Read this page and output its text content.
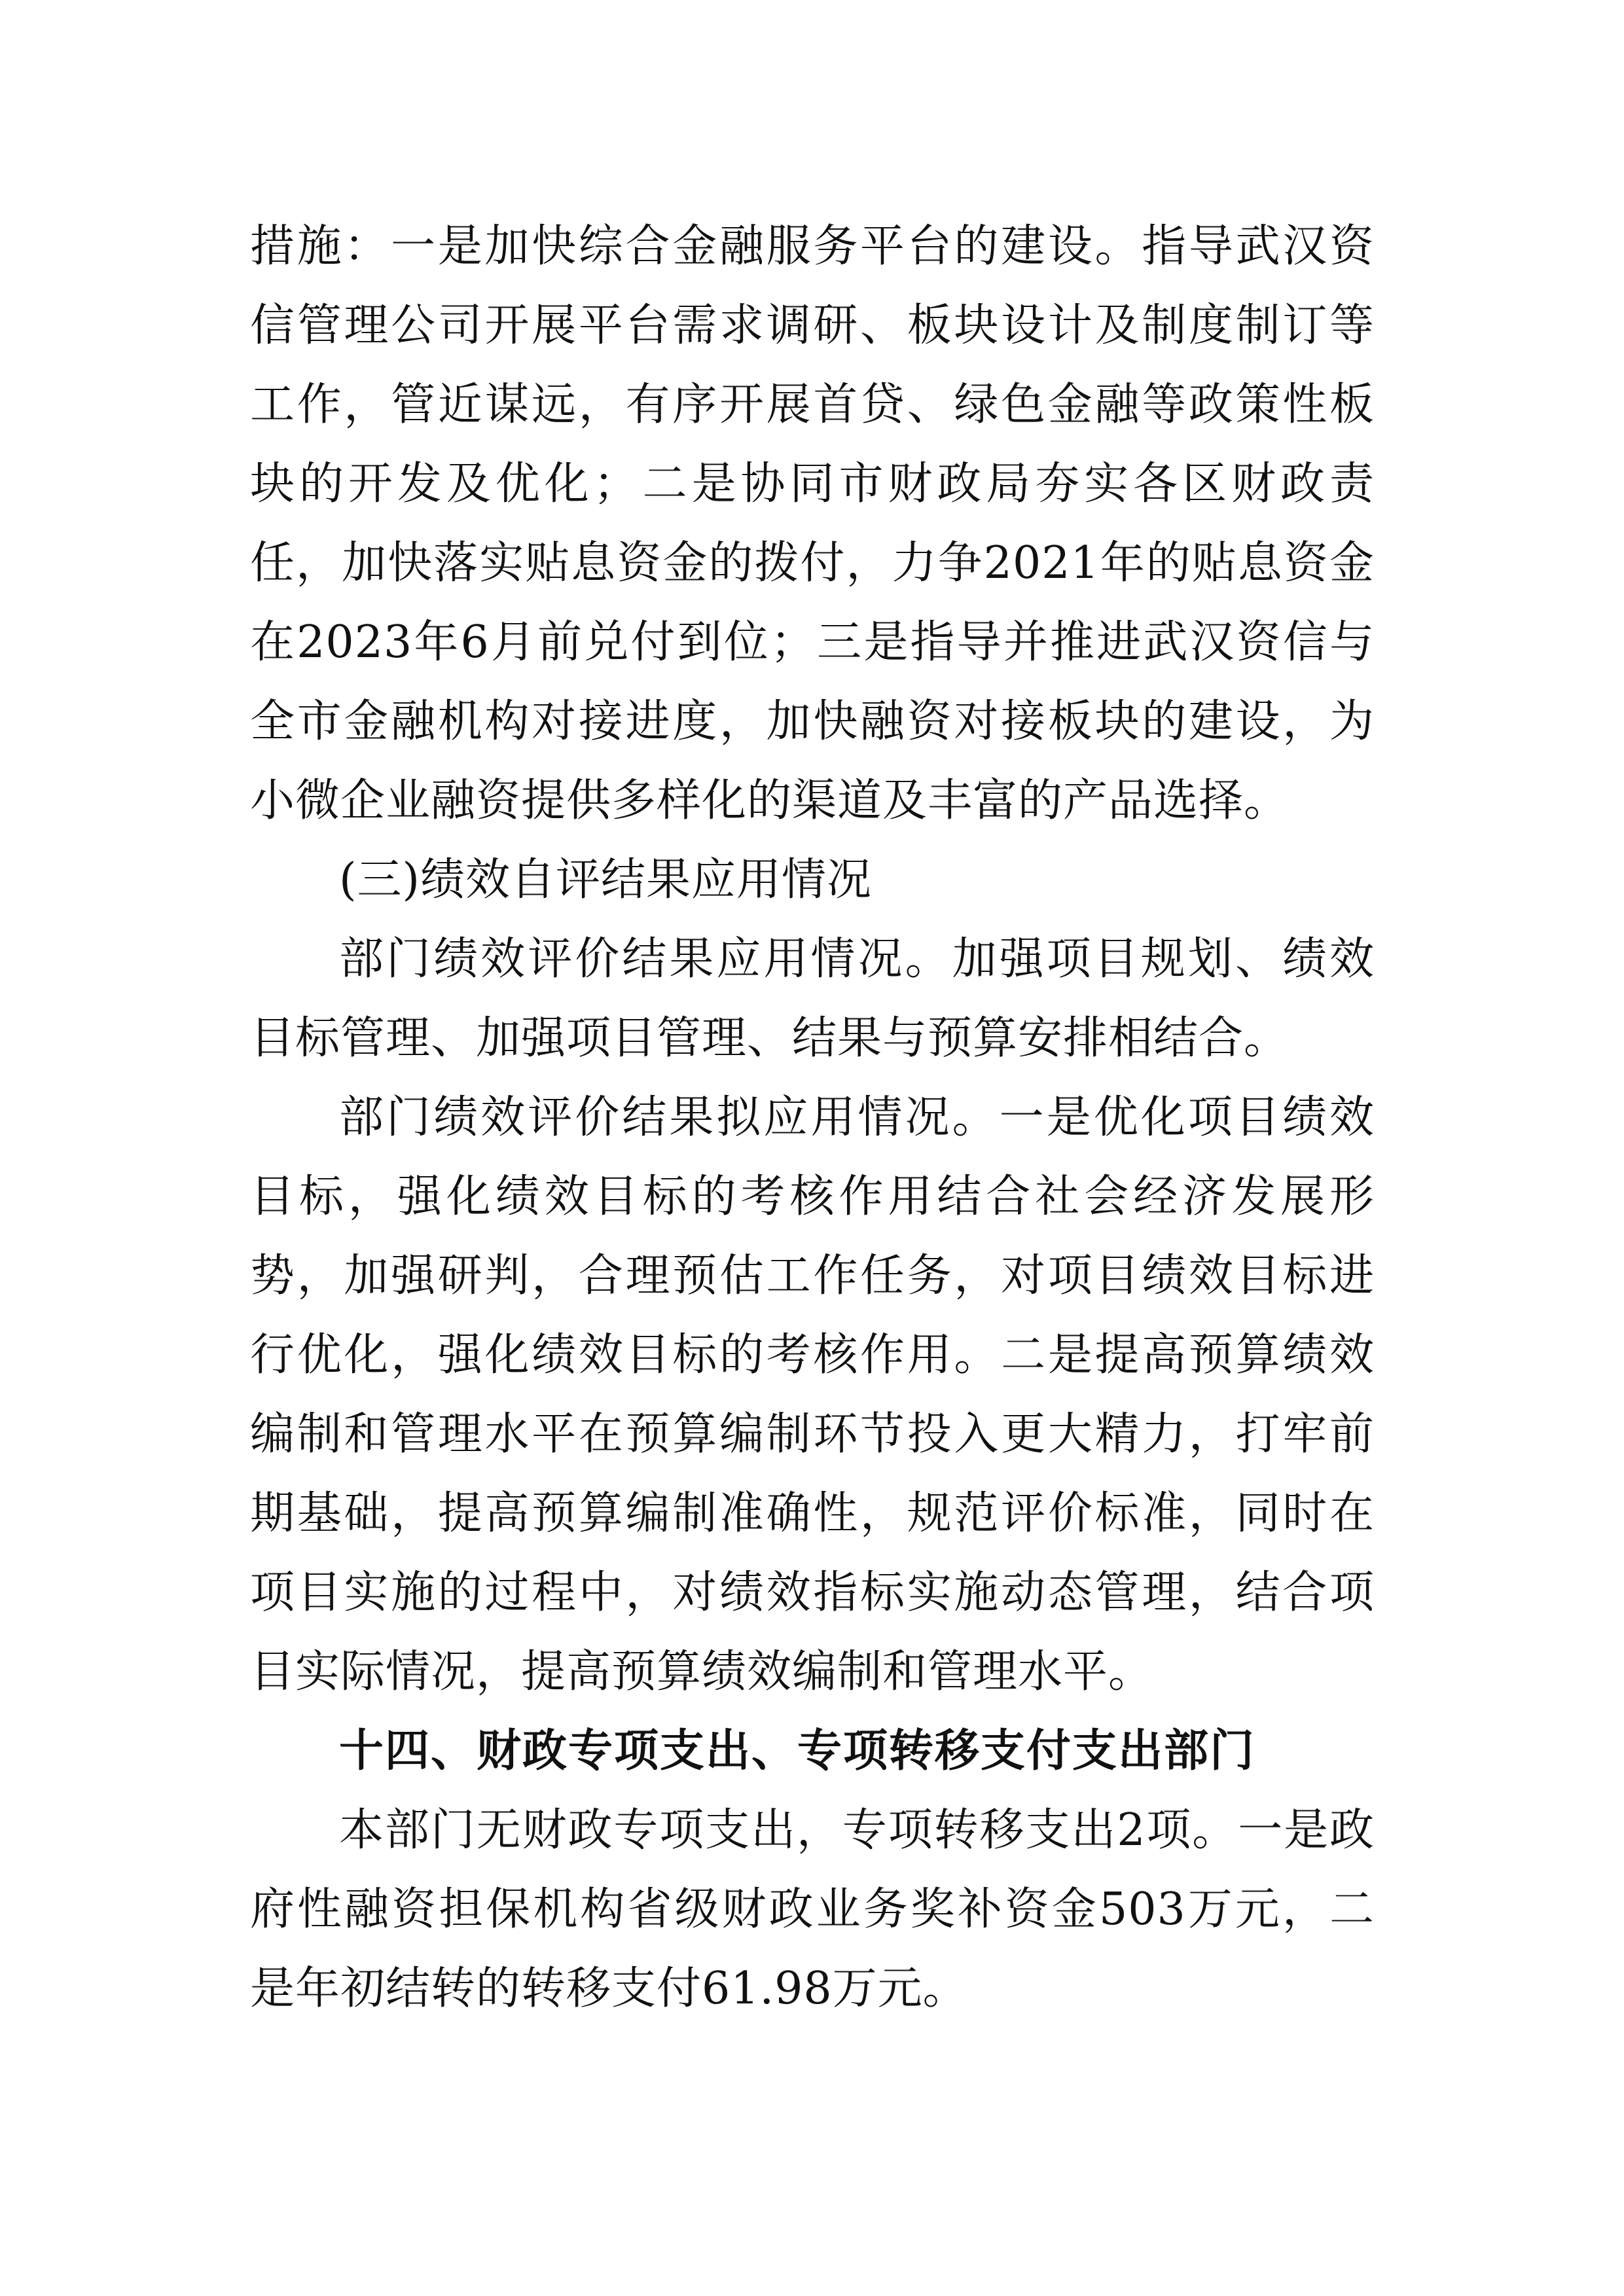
措施：一是加快综合金融服务平台的建设。指导武汉资信管理公司开展平台需求调研、板块设计及制度制订等工作，管近谋远，有序开展首贷、绿色金融等政策性板块的开发及优化；二是协同市财政局夯实各区财政责任，加快落实贴息资金的拨付，力争2021年的贴息资金在2023年6月前兑付到位；三是指导并推进武汉资信与全市金融机构对接进度，加快融资对接板块的建设，为小微企业融资提供多样化的渠道及丰富的产品选择。

(三)绩效自评结果应用情况

部门绩效评价结果应用情况。加强项目规划、绩效目标管理、加强项目管理、结果与预算安排相结合。

部门绩效评价结果拟应用情况。一是优化项目绩效目标，强化绩效目标的考核作用结合社会经济发展形势，加强研判，合理预估工作任务，对项目绩效目标进行优化，强化绩效目标的考核作用。二是提高预算绩效编制和管理水平在预算编制环节投入更大精力，打牢前期基础，提高预算编制准确性，规范评价标准，同时在项目实施的过程中，对绩效指标实施动态管理，结合项目实际情况，提高预算绩效编制和管理水平。

十四、财政专项支出、专项转移支付支出部门

本部门无财政专项支出，专项转移支出2项。一是政府性融资担保机构省级财政业务奖补资金503万元，二是年初结转的转移支付61.98万元。
